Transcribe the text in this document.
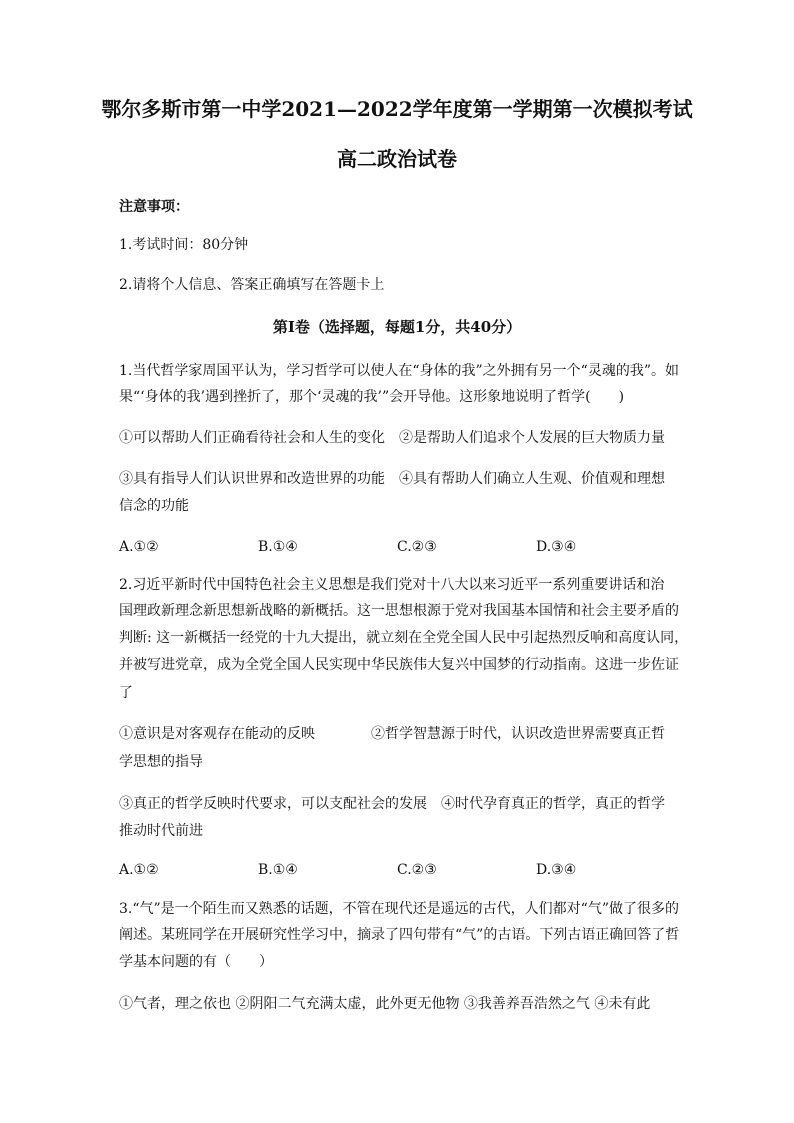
鄂尔多斯市第一中学2021—2022学年度第一学期第一次模拟考试
高二政治试卷
注意事项：
1.考试时间：80分钟
2.请将个人信息、答案正确填写在答题卡上
第Ⅰ卷（选择题，每题1分，共40分）
1.当代哲学家周国平认为，学习哲学可以使人在“身体的我”之外拥有另一个“灵魂的我”。如
果“‘身体的我’遇到挫折了，那个‘灵魂的我’”会开导他。这形象地说明了哲学(　　)
①可以帮助人们正确看待社会和人生的变化　②是帮助人们追求个人发展的巨大物质力量
③具有指导人们认识世界和改造世界的功能　④具有帮助人们确立人生观、价值观和理想
信念的功能
A.①②	B.①④	C.②③	D.③④
2.习近平新时代中国特色社会主义思想是我们党对十八大以来习近平一系列重要讲话和治
国理政新理念新思想新战略的新概括。这一思想根源于党对我国基本国情和社会主要矛盾的
判断: 这一新概括一经党的十九大提出，就立刻在全党全国人民中引起热烈反响和高度认同，
并被写进党章，成为全党全国人民实现中华民族伟大复兴中国梦的行动指南。这进一步佐证
了
①意识是对客观存在能动的反映　　　　②哲学智慧源于时代，认识改造世界需要真正哲
学思想的指导
③真正的哲学反映时代要求，可以支配社会的发展　④时代孕育真正的哲学，真正的哲学
推动时代前进
A.①②	B.①④	C.②③	D.③④
3.“气”是一个陌生而又熟悉的话题，不管在现代还是遥远的古代，人们都对“气”做了很多的
阐述。某班同学在开展研究性学习中，摘录了四句带有“气”的古语。下列古语正确回答了哲
学基本问题的有（　　）
①气者，理之依也 ②阴阳二气充满太虚，此外更无他物 ③我善养吾浩然之气 ④未有此
